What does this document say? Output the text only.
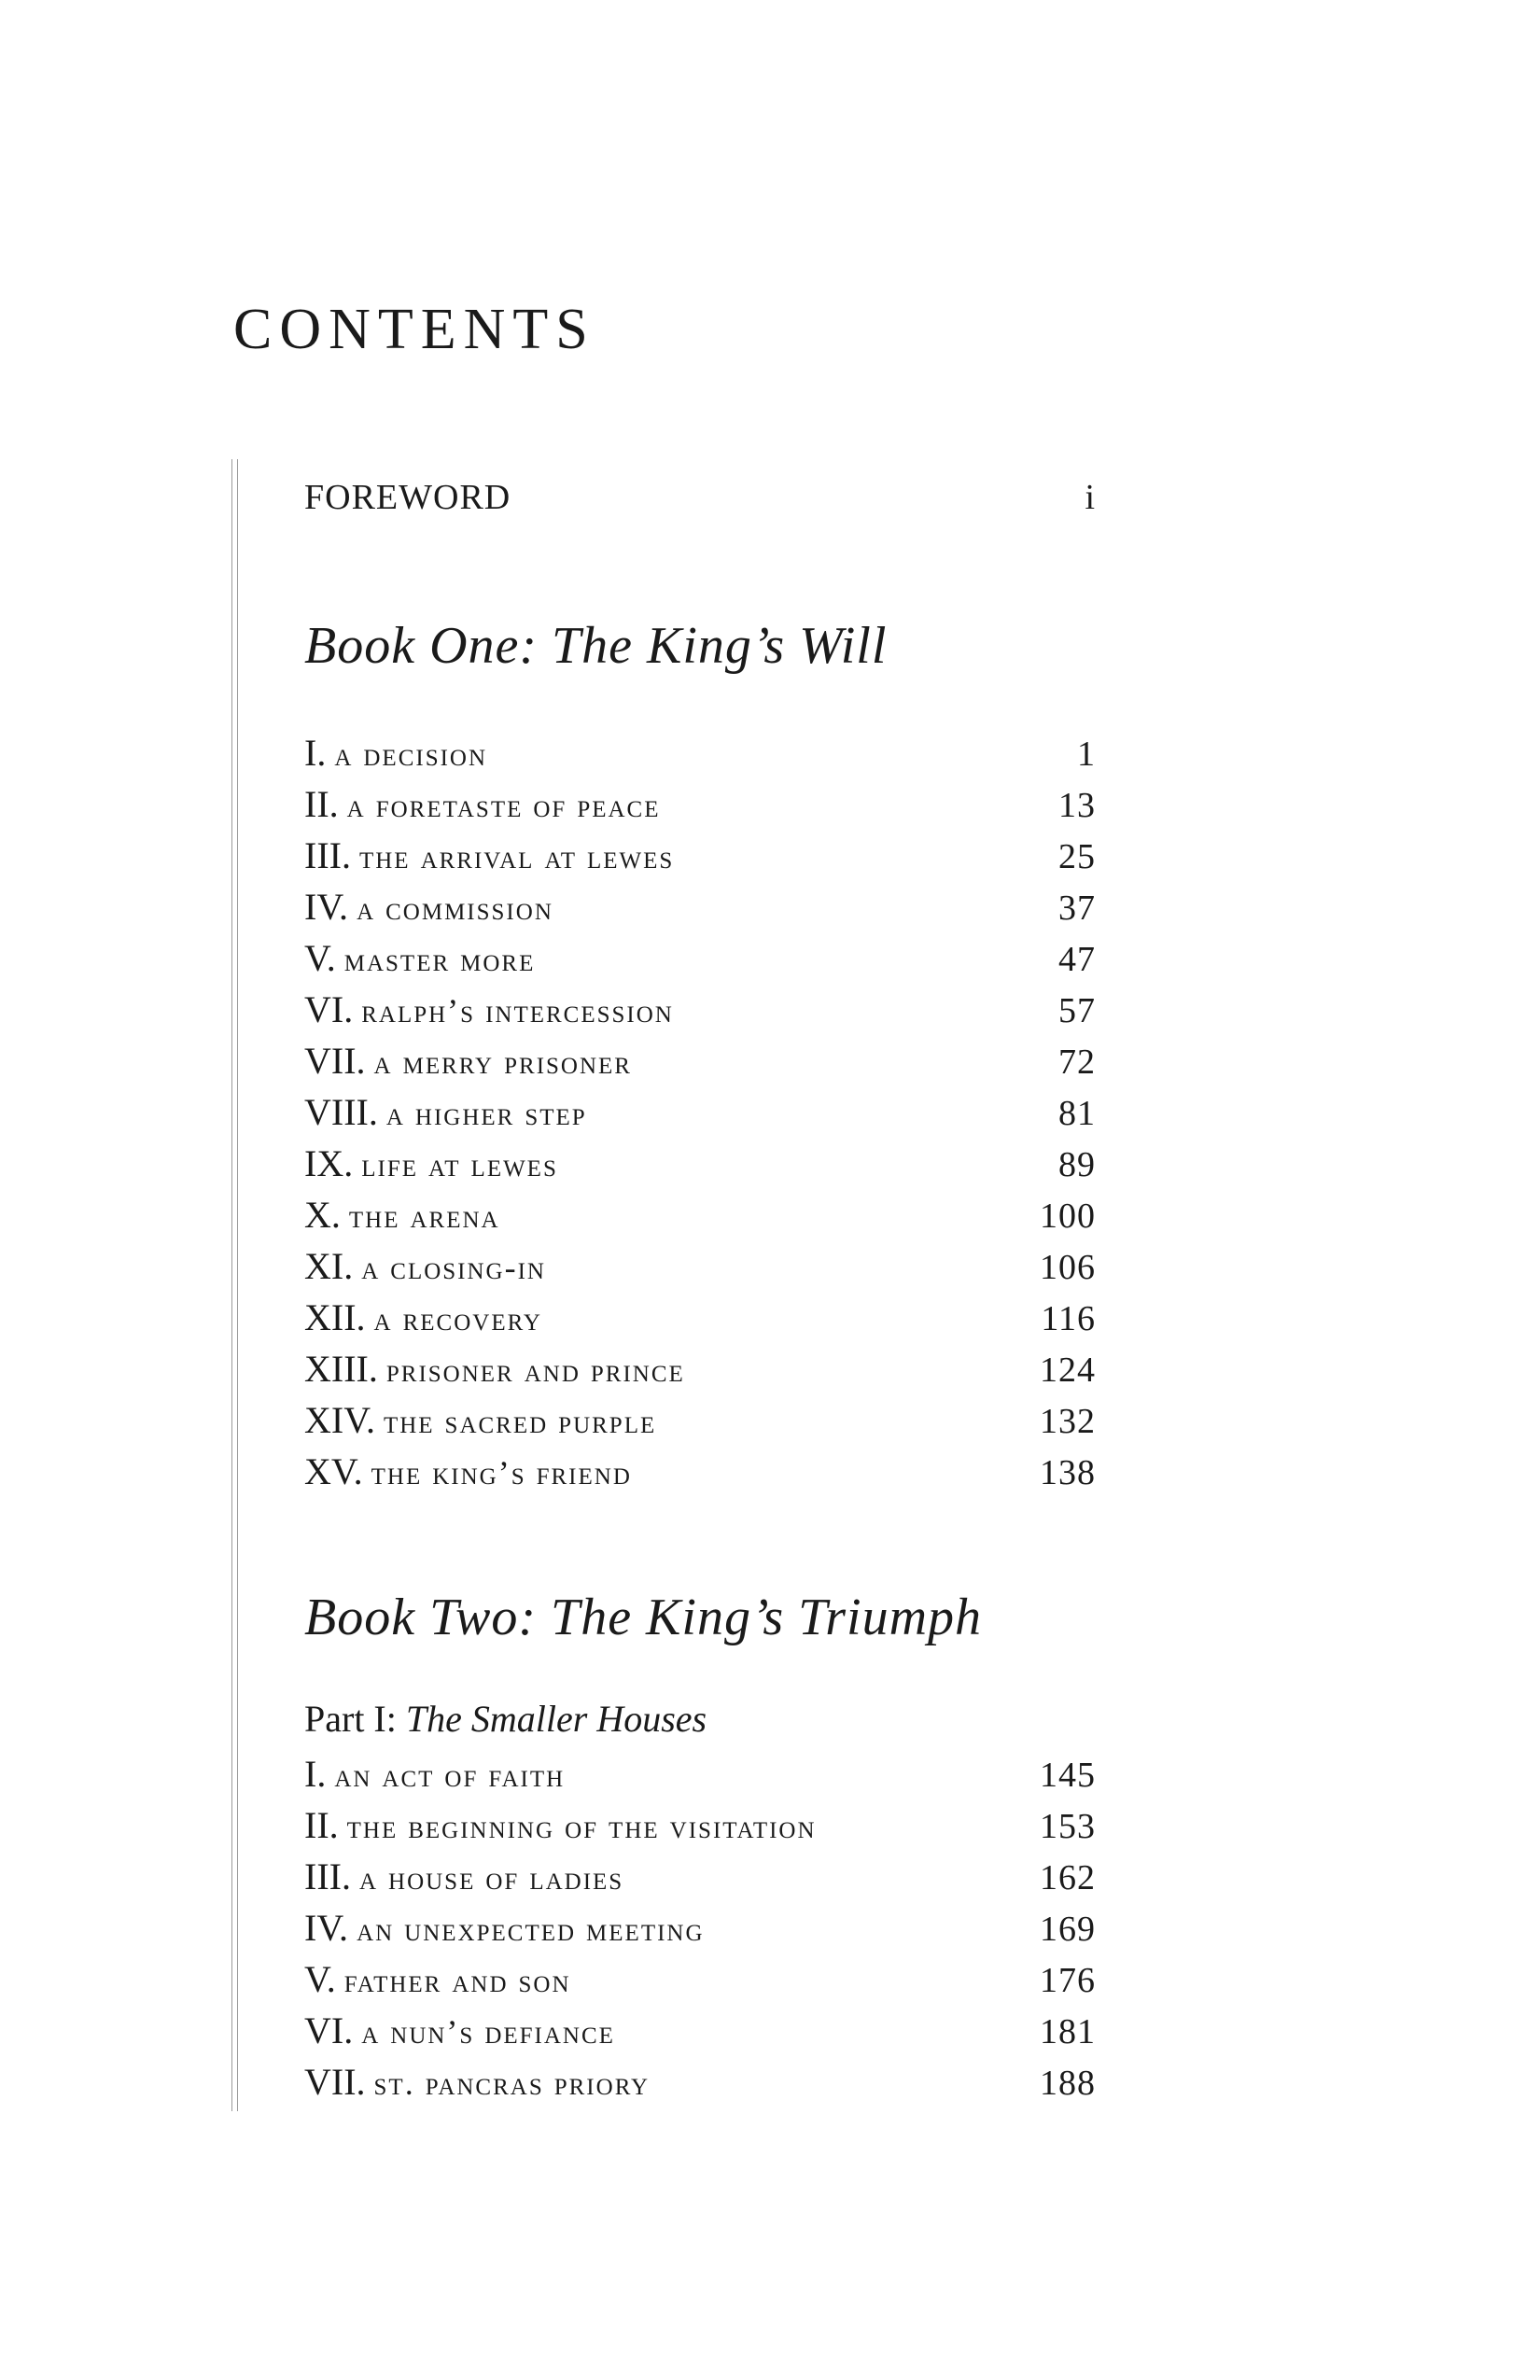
CONTENTS
FOREWORD	i
Book One: The King’s Will
I. a decision	1
II. a foretaste of peace	13
III. the arrival at lewes	25
IV. a commission	37
V. master more	47
VI. ralph’s intercession	57
VII. a merry prisoner	72
VIII. a higher step	81
IX. life at lewes	89
X. the arena	100
XI. a closing-in	106
XII. a recovery	116
XIII. prisoner and prince	124
XIV. the sacred purple	132
XV. the king’s friend	138
Book Two: The King’s Triumph
Part I: The Smaller Houses
I. an act of faith	145
II. the beginning of the visitation	153
III. a house of ladies	162
IV. an unexpected meeting	169
V. father and son	176
VI. a nun’s defiance	181
VII. st. pancras priory	188
